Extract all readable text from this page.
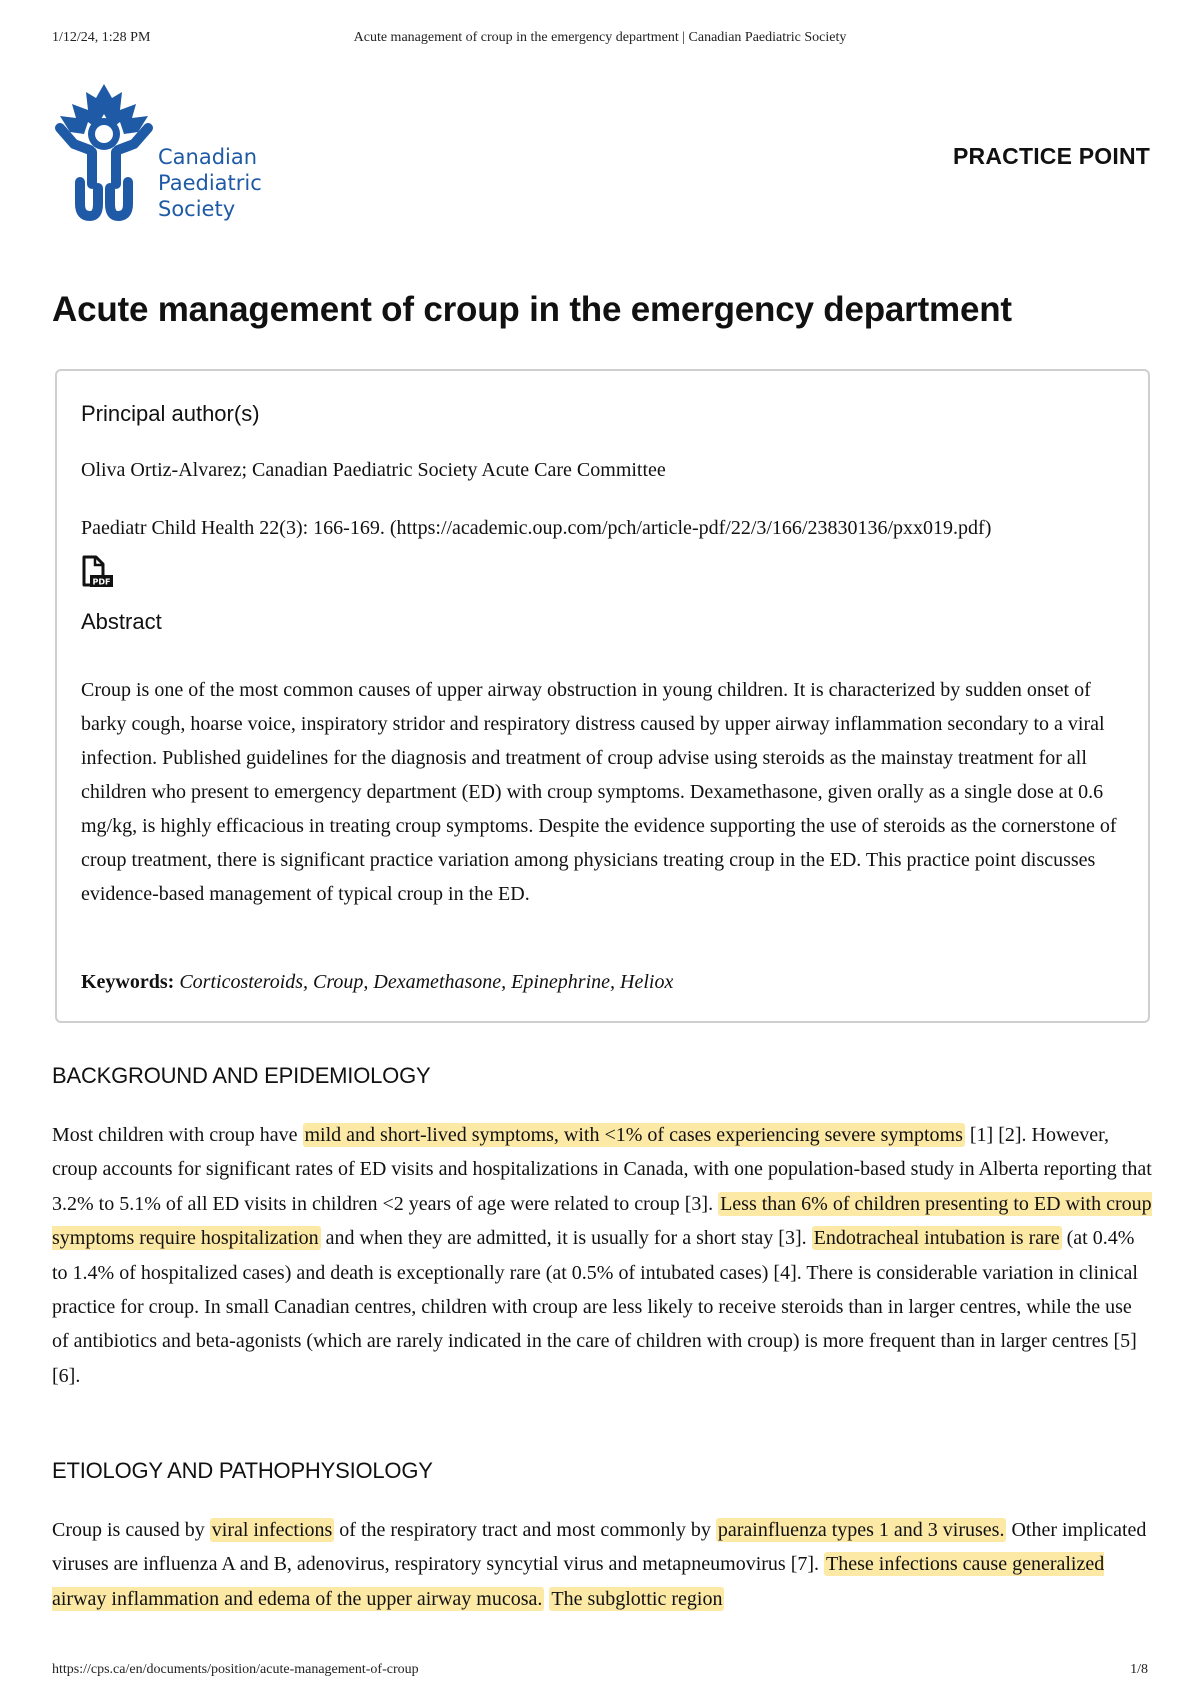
1/12/24, 1:28 PM	Acute management of croup in the emergency department | Canadian Paediatric Society
Canadian
Paediatric
Society
PRACTICE POINT
Acute management of croup in the emergency department
Principal author(s)
Oliva Ortiz-Alvarez; Canadian Paediatric Society Acute Care Committee
Paediatr Child Health 22(3): 166-169. (https://academic.oup.com/pch/article-pdf/22/3/166/23830136/pxx019.pdf)
PDF
Abstract

Croup is one of the most common causes of upper airway obstruction in young children. It is characterized by sudden onset of barky cough, hoarse voice, inspiratory stridor and respiratory distress caused by upper airway inflammation secondary to a viral infection. Published guidelines for the diagnosis and treatment of croup advise using steroids as the mainstay treatment for all children who present to emergency department (ED) with croup symptoms. Dexamethasone, given orally as a single dose at 0.6 mg/kg, is highly efficacious in treating croup symptoms. Despite the evidence supporting the use of steroids as the cornerstone of croup treatment, there is significant practice variation among physicians treating croup in the ED. This practice point discusses evidence-based management of typical croup in the ED.

Keywords: Corticosteroids, Croup, Dexamethasone, Epinephrine, Heliox
BACKGROUND AND EPIDEMIOLOGY

Most children with croup have mild and short-lived symptoms, with <1% of cases experiencing severe symptoms [1] [2]. However, croup accounts for significant rates of ED visits and hospitalizations in Canada, with one population-based study in Alberta reporting that 3.2% to 5.1% of all ED visits in children <2 years of age were related to croup [3]. Less than 6% of children presenting to ED with croup symptoms require hospitalization and when they are admitted, it is usually for a short stay [3]. Endotracheal intubation is rare (at 0.4% to 1.4% of hospitalized cases) and death is exceptionally rare (at 0.5% of intubated cases) [4]. There is considerable variation in clinical practice for croup. In small Canadian centres, children with croup are less likely to receive steroids than in larger centres, while the use of antibiotics and beta-agonists (which are rarely indicated in the care of children with croup) is more frequent than in larger centres [5][6].

ETIOLOGY AND PATHOPHYSIOLOGY

Croup is caused by viral infections of the respiratory tract and most commonly by parainfluenza types 1 and 3 viruses. Other implicated viruses are influenza A and B, adenovirus, respiratory syncytial virus and metapneumovirus [7]. These infections cause generalized airway inflammation and edema of the upper airway mucosa. The subglottic region

https://cps.ca/en/documents/position/acute-management-of-croup	1/8
